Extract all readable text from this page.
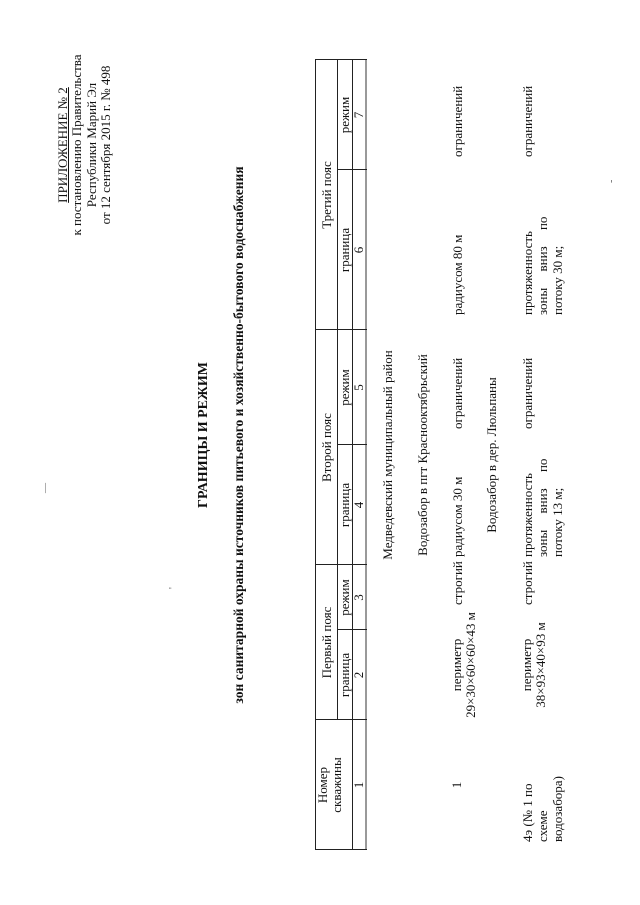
ПРИЛОЖЕНИЕ № 2 к постановлению Правительства Республики Марий Эл от 12 сентября 2015 г. № 498
ГРАНИЦЫ И РЕЖИМ зон санитарной охраны источников питьевого и хозяйственно-бытового водоснабжения
Номер скважины
Первый пояс
Второй пояс
Третий пояс
граница
режим
граница
режим
граница
режим
1
2
3
4
5
6
7
Медведевский муниципальный район Водозабор в пгт Краснооктябрьский
1
периметр 29×30×60×60×43 м
строгий
радиусом 30 м
ограничений
радиусом 80 м
ограничений
Водозабор в дер. Люльпаны
4э (№ 1 по схеме водозабора)
периметр 38×93×40×93 м
строгий
протяженность зоны     вниз     по потоку 13 м;
ограничений
протяженность зоны     вниз     по потоку 30 м;
ограничений
'
—
-
